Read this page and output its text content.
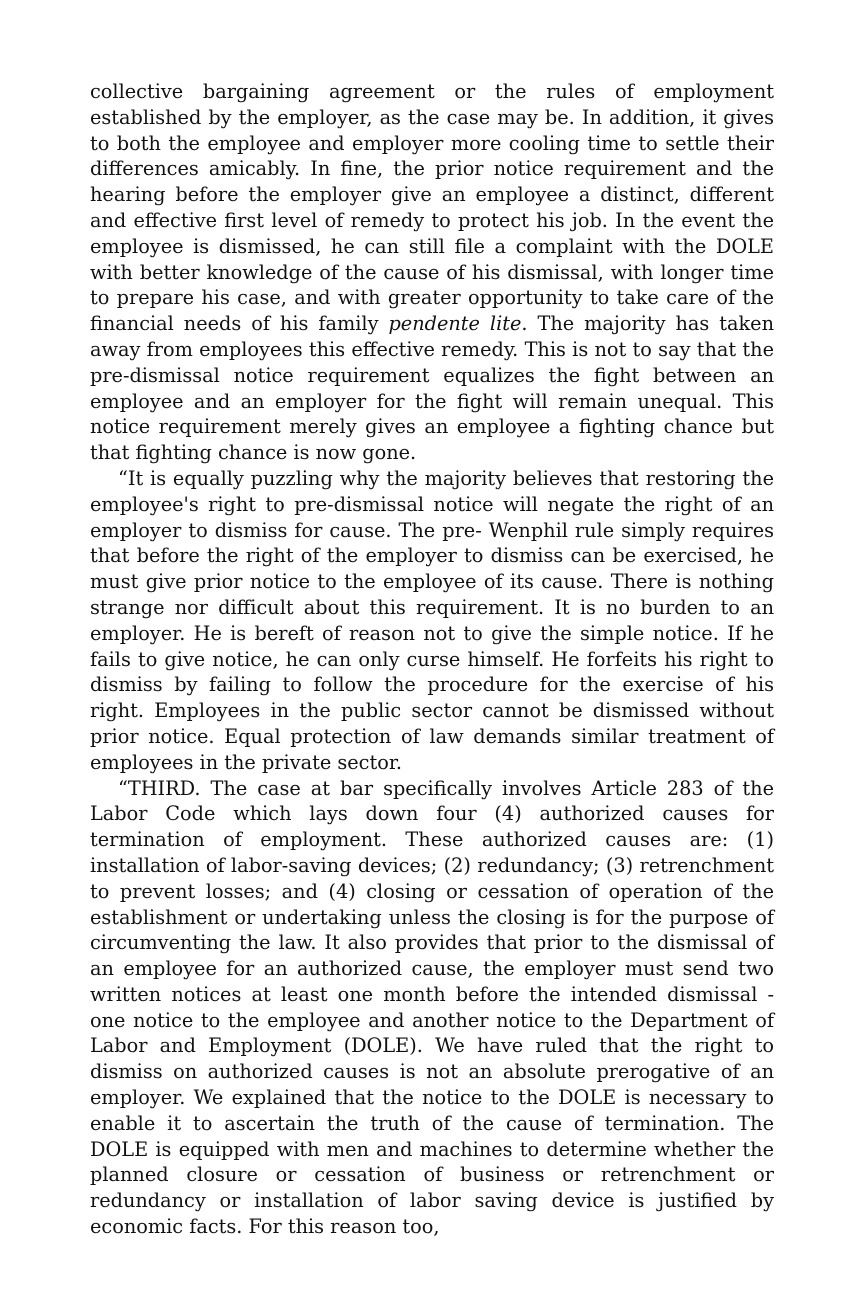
collective bargaining agreement or the rules of employment established by the employer, as the case may be. In addition, it gives to both the employee and employer more cooling time to settle their differences amicably. In fine, the prior notice requirement and the hearing before the employer give an employee a distinct, different and effective first level of remedy to protect his job. In the event the employee is dismissed, he can still file a complaint with the DOLE with better knowledge of the cause of his dismissal, with longer time to prepare his case, and with greater opportunity to take care of the financial needs of his family pendente lite. The majority has taken away from employees this effective remedy. This is not to say that the pre-dismissal notice requirement equalizes the fight between an employee and an employer for the fight will remain unequal. This notice requirement merely gives an employee a fighting chance but that fighting chance is now gone.

“It is equally puzzling why the majority believes that restoring the employee's right to pre-dismissal notice will negate the right of an employer to dismiss for cause. The pre- Wenphil rule simply requires that before the right of the employer to dismiss can be exercised, he must give prior notice to the employee of its cause. There is nothing strange nor difficult about this requirement. It is no burden to an employer. He is bereft of reason not to give the simple notice. If he fails to give notice, he can only curse himself. He forfeits his right to dismiss by failing to follow the procedure for the exercise of his right. Employees in the public sector cannot be dismissed without prior notice. Equal protection of law demands similar treatment of employees in the private sector.

“THIRD. The case at bar specifically involves Article 283 of the Labor Code which lays down four (4) authorized causes for termination of employment. These authorized causes are: (1) installation of labor-saving devices; (2) redundancy; (3) retrenchment to prevent losses; and (4) closing or cessation of operation of the establishment or undertaking unless the closing is for the purpose of circumventing the law. It also provides that prior to the dismissal of an employee for an authorized cause, the employer must send two written notices at least one month before the intended dismissal - one notice to the employee and another notice to the Department of Labor and Employment (DOLE). We have ruled that the right to dismiss on authorized causes is not an absolute prerogative of an employer. We explained that the notice to the DOLE is necessary to enable it to ascertain the truth of the cause of termination. The DOLE is equipped with men and machines to determine whether the planned closure or cessation of business or retrenchment or redundancy or installation of labor saving device is justified by economic facts. For this reason too,
